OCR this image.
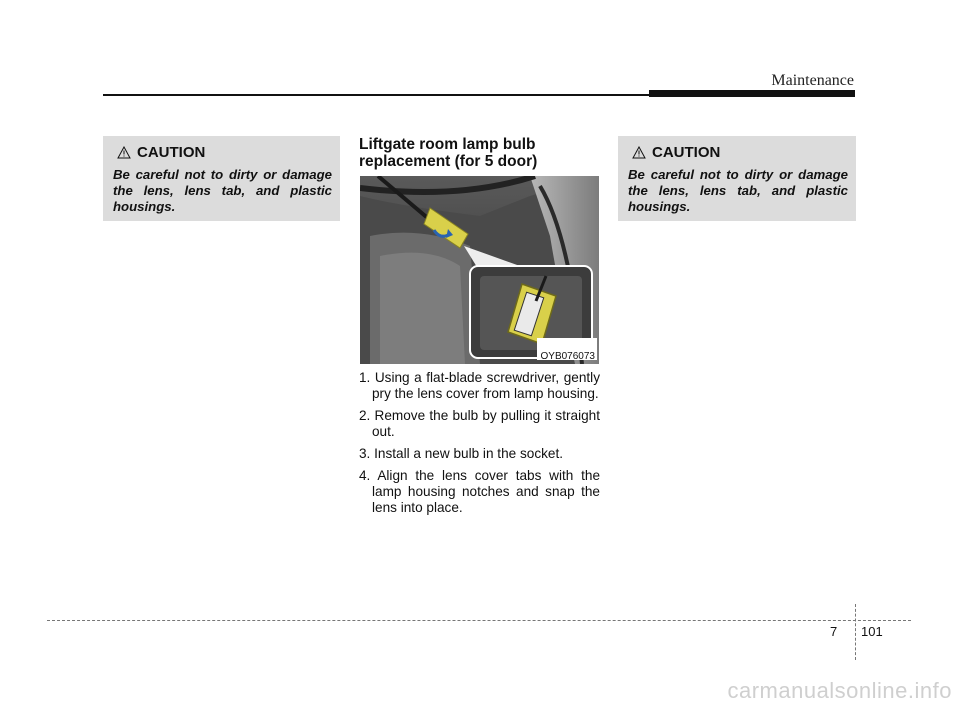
Maintenance
CAUTION

Be careful not to dirty or damage the lens, lens tab, and plastic housings.

Liftgate room lamp bulb replacement (for 5 door)
OYB076073
1. Using a flat-blade screwdriver, gently pry the lens cover from lamp housing.
2. Remove the bulb by pulling it straight out.
3. Install a new bulb in the socket.
4. Align the lens cover tabs with the lamp housing notches and snap the lens into place.
CAUTION

Be careful not to dirty or damage the lens, lens tab, and plastic housings.

7 101
carmanualsonline.info
